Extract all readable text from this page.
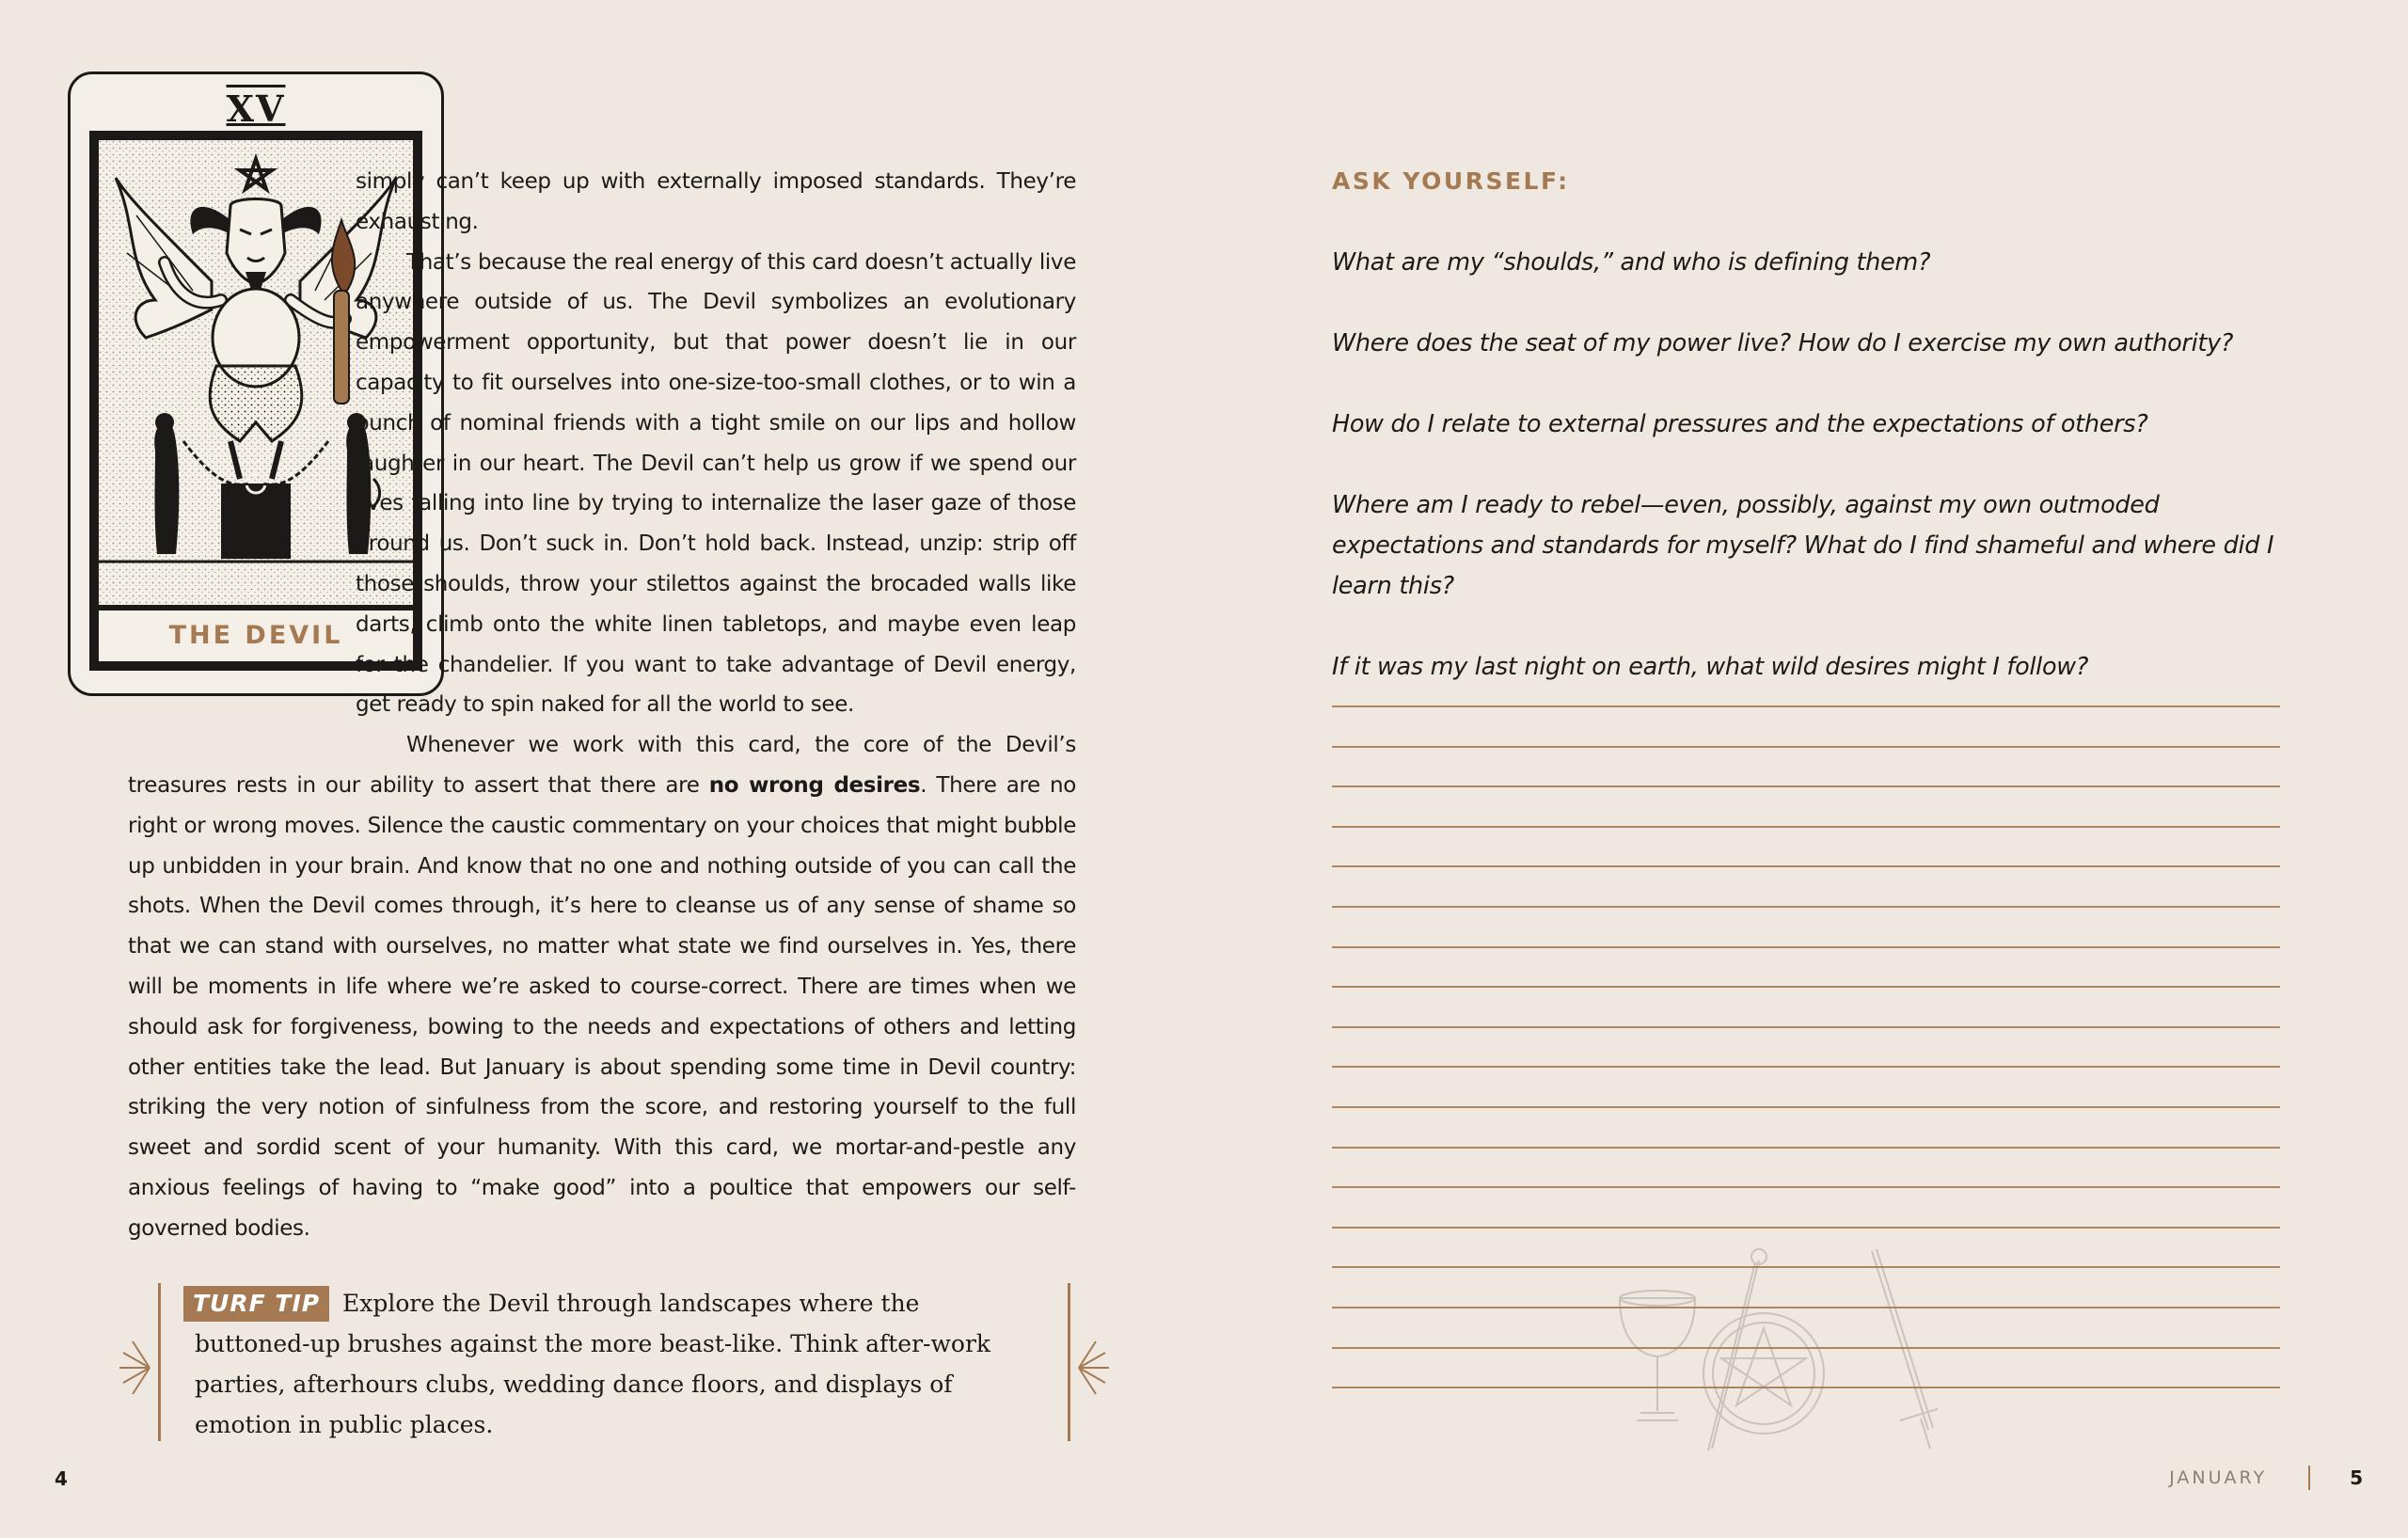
XV
THE DEVIL

simply can’t keep up with externally imposed standards. They’re exhausting.

That’s because the real energy of this card doesn’t actually live anywhere outside of us. The Devil symbolizes an evolutionary empowerment opportunity, but that power doesn’t lie in our capacity to fit ourselves into one-size-too-small clothes, or to win a bunch of nominal friends with a tight smile on our lips and hollow laughter in our heart. The Devil can’t help us grow if we spend our lives falling into line by trying to internalize the laser gaze of those around us. Don’t suck in. Don’t hold back. Instead, unzip: strip off those shoulds, throw your stilettos against the brocaded walls like darts, climb onto the white linen tabletops, and maybe even leap for the chandelier. If you want to take advantage of Devil energy, get ready to spin naked for all the world to see.

Whenever we work with this card, the core of the Devil’s treasures rests in our ability to assert that there are no wrong desires. There are no right or wrong moves. Silence the caustic commentary on your choices that might bubble up unbidden in your brain. And know that no one and nothing outside of you can call the shots. When the Devil comes through, it’s here to cleanse us of any sense of shame so that we can stand with ourselves, no matter what state we find ourselves in. Yes, there will be moments in life where we’re asked to course-correct. There are times when we should ask for forgiveness, bowing to the needs and expectations of others and letting other entities take the lead. But January is about spending some time in Devil country: striking the very notion of sinfulness from the score, and restoring yourself to the full sweet and sordid scent of your humanity. With this card, we mortar-and-pestle any anxious feelings of having to “make good” into a poultice that empowers our self-governed bodies.

TURF TIP Explore the Devil through landscapes where the buttoned-up brushes against the more beast-like. Think after-work parties, afterhours clubs, wedding dance floors, and displays of emotion in public places.
4
ASK YOURSELF:
What are my “shoulds,” and who is defining them?
Where does the seat of my power live? How do I exercise my own authority?
How do I relate to external pressures and the expectations of others?
Where am I ready to rebel—even, possibly, against my own outmoded expectations and standards for myself? What do I find shameful and where did I learn this?
If it was my last night on earth, what wild desires might I follow?
JANUARY	5
